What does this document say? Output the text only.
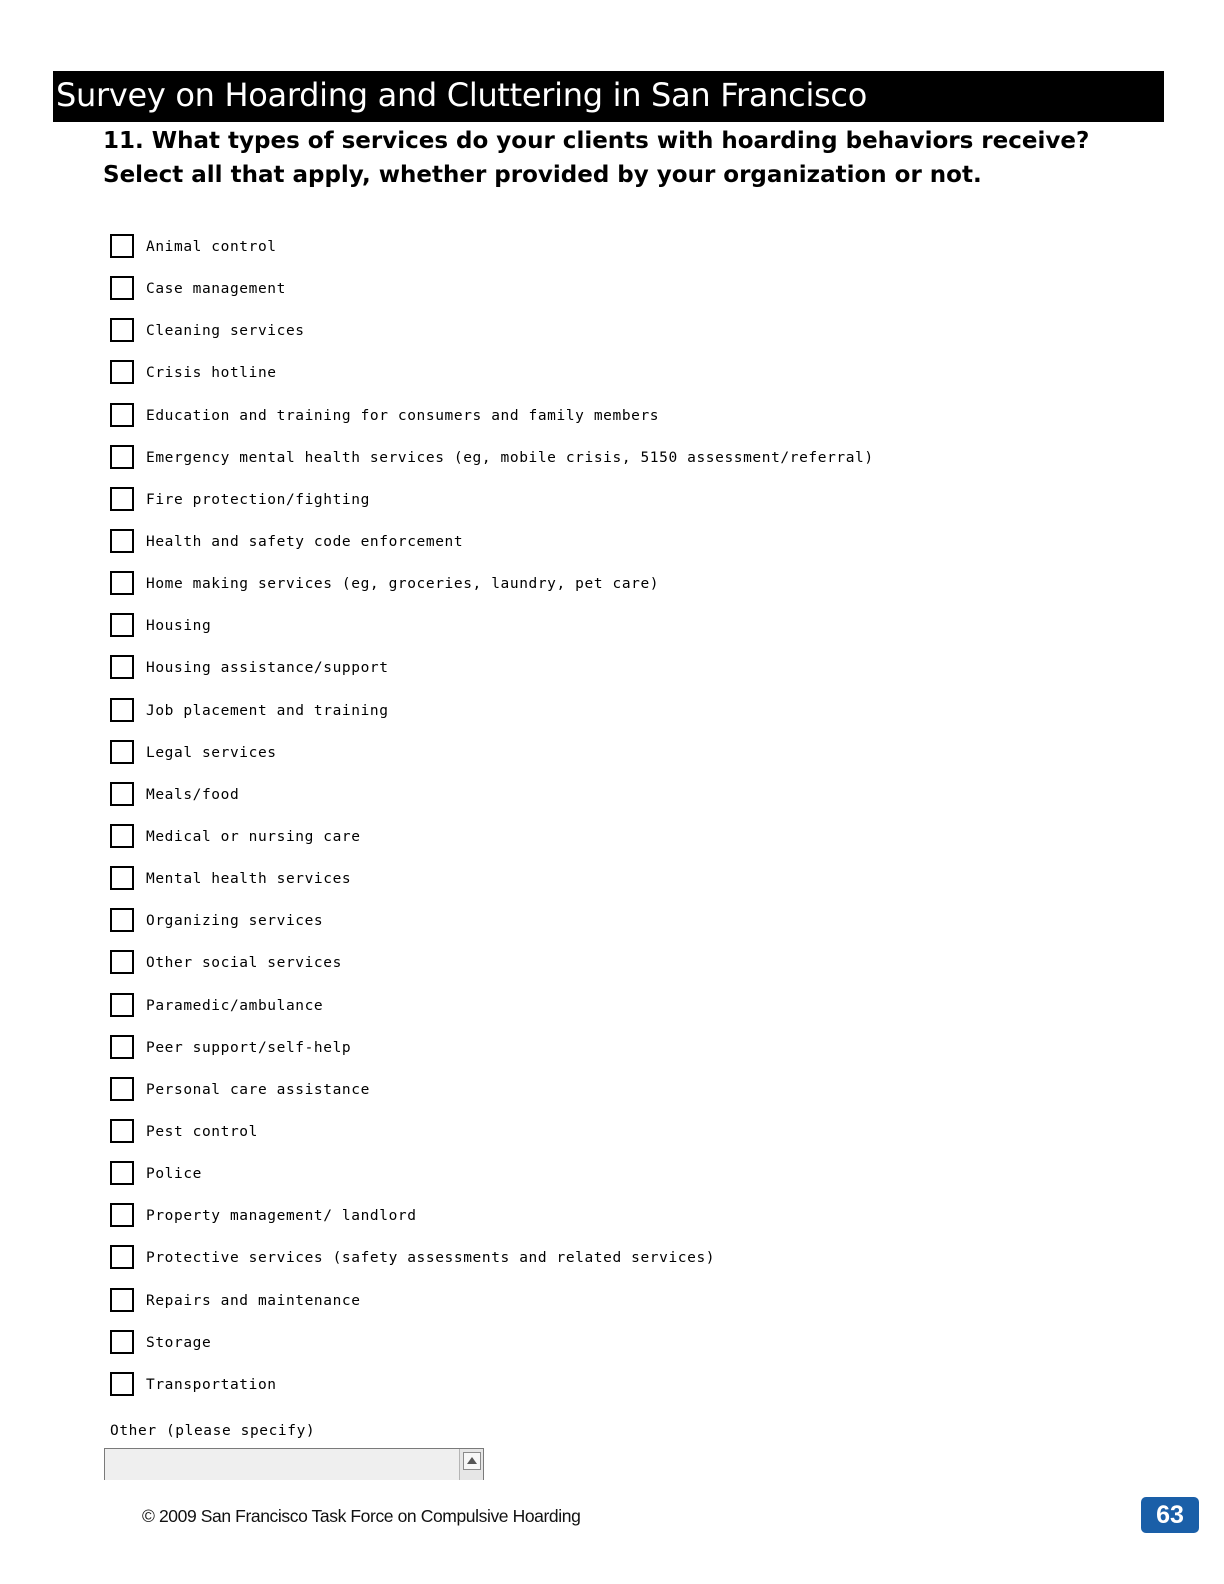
Survey on Hoarding and Cluttering in San Francisco
11. What types of services do your clients with hoarding behaviors receive? Select all that apply, whether provided by your organization or not.
Animal control
Case management
Cleaning services
Crisis hotline
Education and training for consumers and family members
Emergency mental health services (eg, mobile crisis, 5150 assessment/referral)
Fire protection/fighting
Health and safety code enforcement
Home making services (eg, groceries, laundry, pet care)
Housing
Housing assistance/support
Job placement and training
Legal services
Meals/food
Medical or nursing care
Mental health services
Organizing services
Other social services
Paramedic/ambulance
Peer support/self-help
Personal care assistance
Pest control
Police
Property management/ landlord
Protective services (safety assessments and related services)
Repairs and maintenance
Storage
Transportation
Other (please specify)
© 2009 San Francisco Task Force on Compulsive Hoarding	63
